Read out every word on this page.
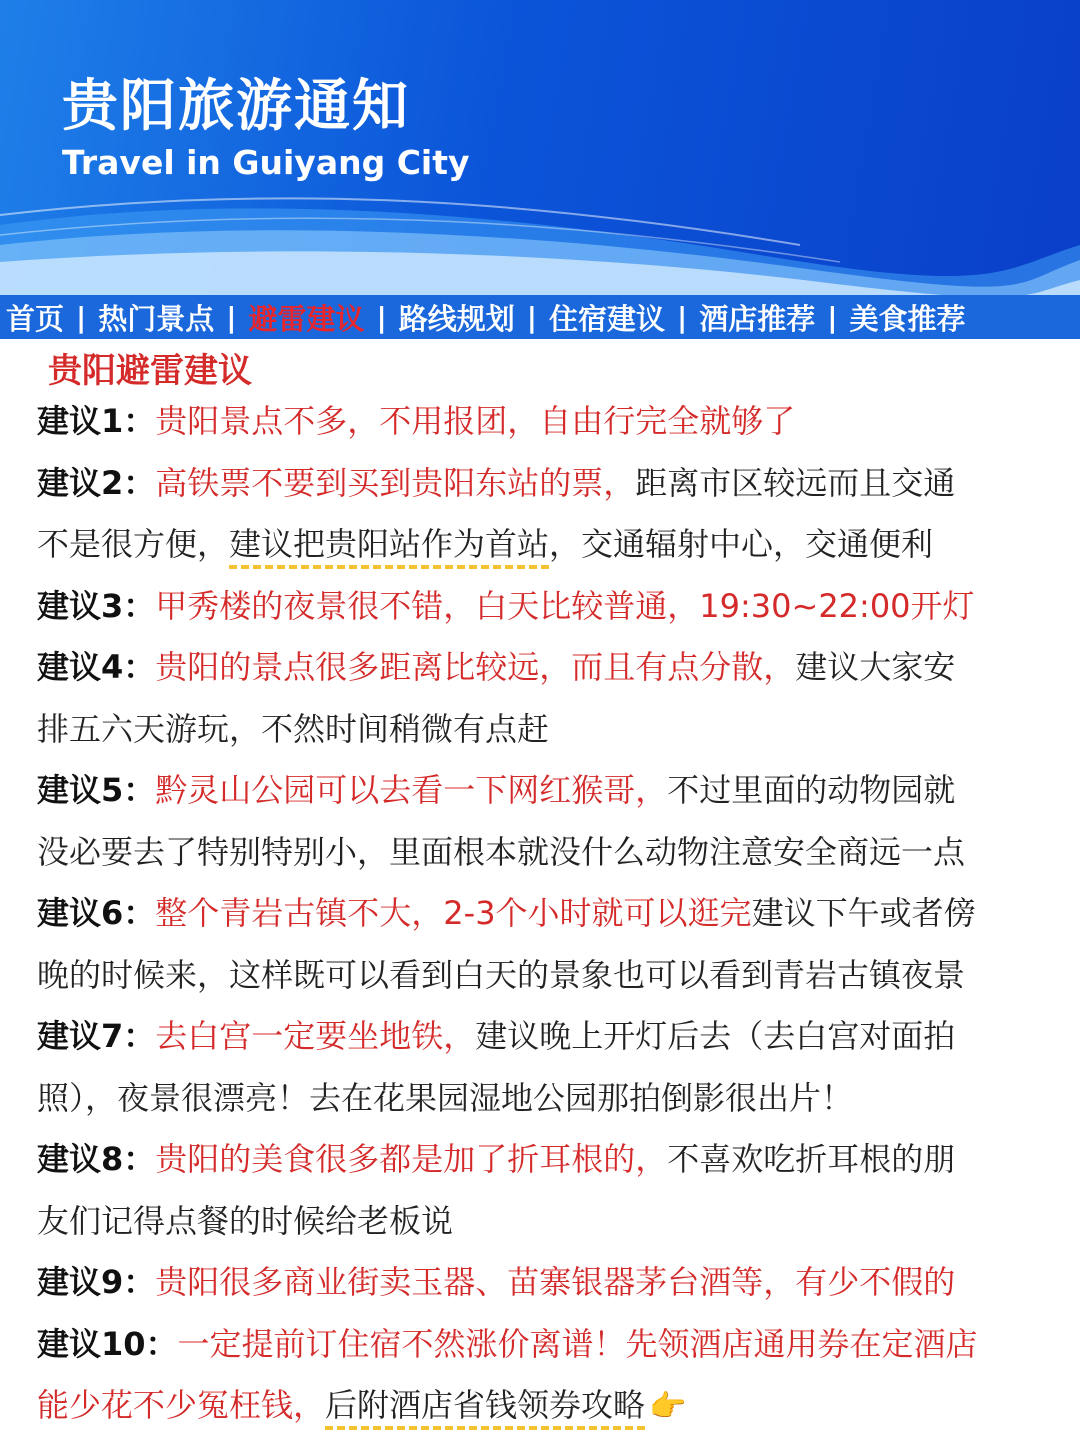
贵阳旅游通知
Travel in Guiyang City
首页 | 热门景点 | 避雷建议 | 路线规划 | 住宿建议 | 酒店推荐 | 美食推荐
贵阳避雷建议
建议1：贵阳景点不多，不用报团，自由行完全就够了
建议2：高铁票不要到买到贵阳东站的票，距离市区较远而且交通
不是很方便，建议把贵阳站作为首站，交通辐射中心，交通便利
建议3：甲秀楼的夜景很不错，白天比较普通，19:30~22:00开灯
建议4：贵阳的景点很多距离比较远，而且有点分散，建议大家安
排五六天游玩，不然时间稍微有点赶
建议5：黔灵山公园可以去看一下网红猴哥，不过里面的动物园就
没必要去了特别特别小，里面根本就没什么动物注意安全商远一点
建议6：整个青岩古镇不大，2-3个小时就可以逛完建议下午或者傍
晚的时候来，这样既可以看到白天的景象也可以看到青岩古镇夜景
建议7：去白宫一定要坐地铁，建议晚上开灯后去（去白宫对面拍
照），夜景很漂亮！去在花果园湿地公园那拍倒影很出片！
建议8：贵阳的美食很多都是加了折耳根的，不喜欢吃折耳根的朋
友们记得点餐的时候给老板说
建议9：贵阳很多商业街卖玉器、苗寨银器茅台酒等，有少不假的
建议10：一定提前订住宿不然涨价离谱！先领酒店通用券在定酒店
能少花不少冤枉钱，后附酒店省钱领券攻略 👉
